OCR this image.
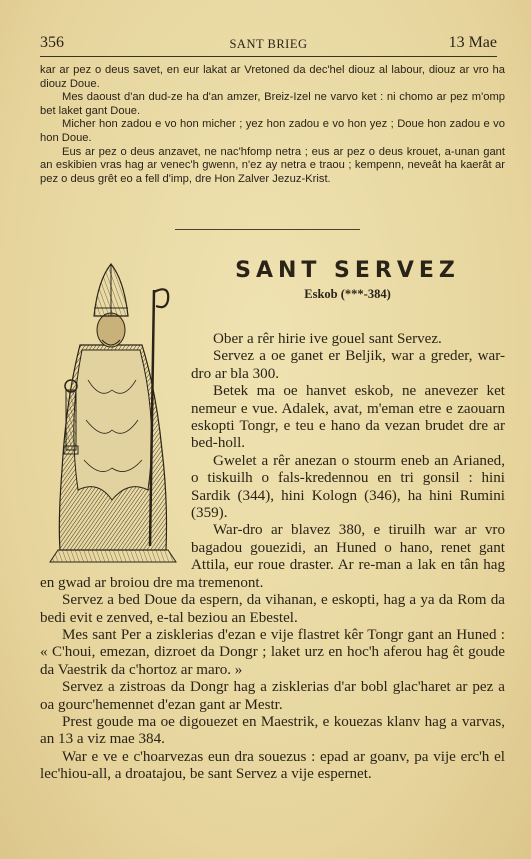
356	SANT BRIEG	13 Mae

kar ar pez o deus savet, en eur lakat ar Vretoned da dec'hel diouz al labour, diouz ar vro ha diouz Doue.

Mes daoust d'an dud-ze ha d'an amzer, Breiz-Izel ne varvo ket : ni chomo ar pez m'omp bet laket gant Doue.

Micher hon zadou e vo hon micher ; yez hon zadou e vo hon yez ; Doue hon zadou e vo hon Doue.

Eus ar pez o deus anzavet, ne nac'hfomp netra ; eus ar pez o deus krouet, a-unan gant an eskibien vras hag ar venec'h gwenn, n'ez ay netra e traou ; kempenn, neveât ha kaerât ar pez o deus grêt eo a fell d'imp, dre Hon Zalver Jezuz-Krist.

SANT SERVEZ
Eskob (***-384)

Ober a rêr hirie ive gouel sant Servez.

Servez a oe ganet er Beljik, war a greder, war-dro ar bla 300.

Betek ma oe hanvet eskob, ne anevezer ket nemeur e vue. Adalek, avat, m'eman etre e zaouarn eskopti Tongr, e teu e hano da vezan brudet dre ar bed-holl.

Gwelet a rêr anezan o stourm eneb an Arianed, o tiskuilh o fals-kredennou en tri gonsil : hini Sardik (344), hini Kologn (346), ha hini Rumini (359).

War-dro ar blavez 380, e tiruilh war ar vro bagadou gouezidi, an Huned o hano, renet gant Attila, eur roue draster. Ar re-man a lak en tân hag en gwad ar broiou dre ma tremenont.

Servez a bed Doue da espern, da vihanan, e eskopti, hag a ya da Rom da bedi evit e zenved, e-tal beziou an Ebestel.

Mes sant Per a zisklerias d'ezan e vije flastret kêr Tongr gant an Huned : « C'houi, emezan, dizroet da Dongr ; laket urz en hoc'h aferou hag êt goude da Vaestrik da c'hortoz ar maro. »

Servez a zistroas da Dongr hag a zisklerias d'ar bobl glac'haret ar pez a oa gourc'hemennet d'ezan gant ar Mestr.

Prest goude ma oe digouezet en Maestrik, e kouezas klanv hag a varvas, an 13 a viz mae 384.

War e ve e c'hoarvezas eun dra souezus : epad ar goanv, pa vije erc'h el lec'hiou-all, a droatajou, be sant Servez a vije espernet.
